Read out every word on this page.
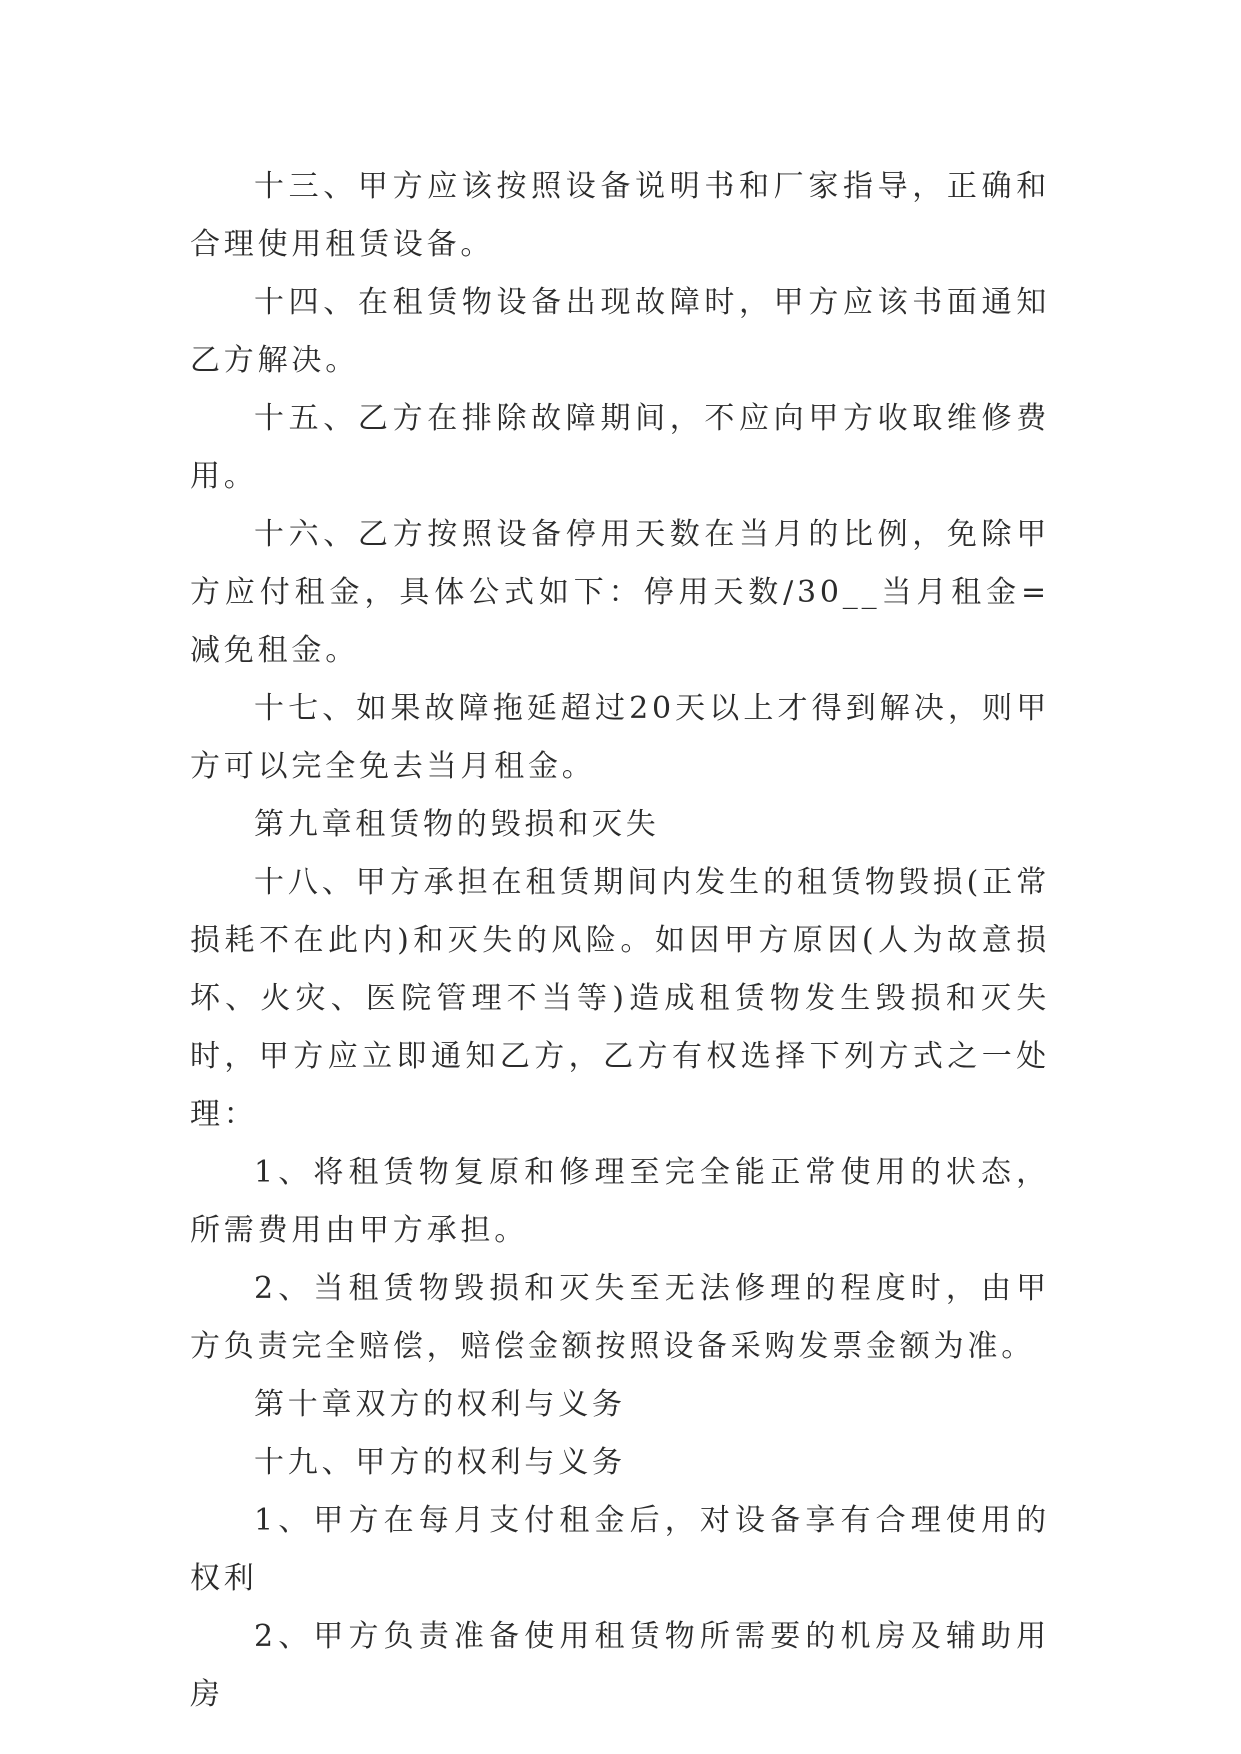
十三、甲方应该按照设备说明书和厂家指导，正确和合理使用租赁设备。

十四、在租赁物设备出现故障时，甲方应该书面通知乙方解决。

十五、乙方在排除故障期间，不应向甲方收取维修费用。

十六、乙方按照设备停用天数在当月的比例，免除甲方应付租金，具体公式如下：停用天数/30__当月租金=减免租金。

十七、如果故障拖延超过20天以上才得到解决，则甲方可以完全免去当月租金。

第九章租赁物的毁损和灭失

十八、甲方承担在租赁期间内发生的租赁物毁损(正常损耗不在此内)和灭失的风险。如因甲方原因(人为故意损坏、火灾、医院管理不当等)造成租赁物发生毁损和灭失时，甲方应立即通知乙方，乙方有权选择下列方式之一处理：

1、将租赁物复原和修理至完全能正常使用的状态，所需费用由甲方承担。

2、当租赁物毁损和灭失至无法修理的程度时，由甲方负责完全赔偿，赔偿金额按照设备采购发票金额为准。

第十章双方的权利与义务

十九、甲方的权利与义务

1、甲方在每月支付租金后，对设备享有合理使用的权利

2、甲方负责准备使用租赁物所需要的机房及辅助用房
